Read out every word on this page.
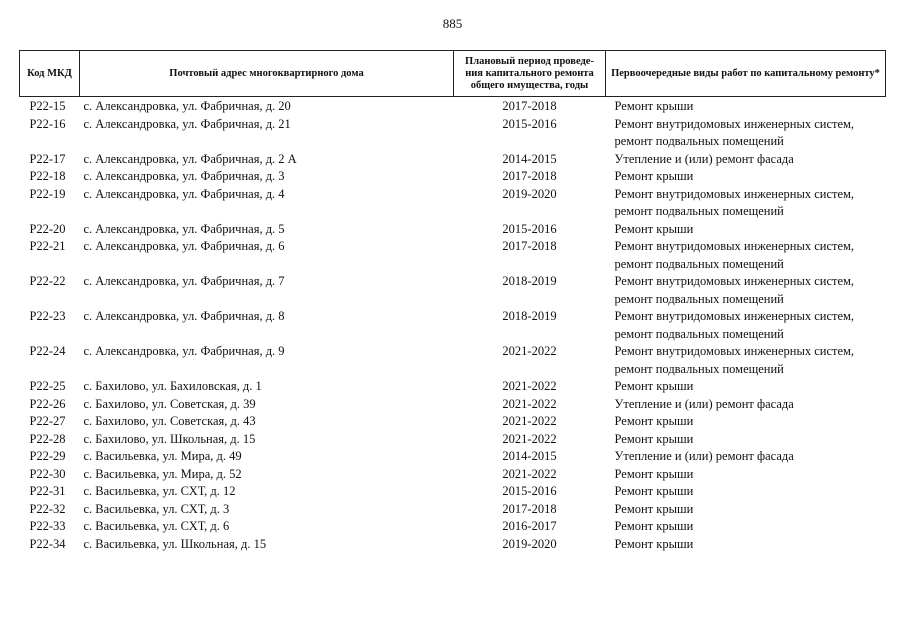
885
Код МКД	Почтовый адрес многоквартирного дома	Плановый период проведе-ния капитального ремонта общего имущества, годы	Первоочередные виды работ по капитальному ремонту*
Р22-15	с. Александровка, ул. Фабричная, д. 20	2017-2018	Ремонт крыши
Р22-16	с. Александровка, ул. Фабричная, д. 21	2015-2016	Ремонт внутридомовых инженерных систем, ремонт подвальных помещений
Р22-17	с. Александровка, ул. Фабричная, д. 2 А	2014-2015	Утепление и (или) ремонт фасада
Р22-18	с. Александровка, ул. Фабричная, д. 3	2017-2018	Ремонт крыши
Р22-19	с. Александровка, ул. Фабричная, д. 4	2019-2020	Ремонт внутридомовых инженерных систем, ремонт подвальных помещений
Р22-20	с. Александровка, ул. Фабричная, д. 5	2015-2016	Ремонт крыши
Р22-21	с. Александровка, ул. Фабричная, д. 6	2017-2018	Ремонт внутридомовых инженерных систем, ремонт подвальных помещений
Р22-22	с. Александровка, ул. Фабричная, д. 7	2018-2019	Ремонт внутридомовых инженерных систем, ремонт подвальных помещений
Р22-23	с. Александровка, ул. Фабричная, д. 8	2018-2019	Ремонт внутридомовых инженерных систем, ремонт подвальных помещений
Р22-24	с. Александровка, ул. Фабричная, д. 9	2021-2022	Ремонт внутридомовых инженерных систем, ремонт подвальных помещений
Р22-25	с. Бахилово, ул. Бахиловская, д. 1	2021-2022	Ремонт крыши
Р22-26	с. Бахилово, ул. Советская, д. 39	2021-2022	Утепление и (или) ремонт фасада
Р22-27	с. Бахилово, ул. Советская, д. 43	2021-2022	Ремонт крыши
Р22-28	с. Бахилово, ул. Школьная, д. 15	2021-2022	Ремонт крыши
Р22-29	с. Васильевка, ул. Мира, д. 49	2014-2015	Утепление и (или) ремонт фасада
Р22-30	с. Васильевка, ул. Мира, д. 52	2021-2022	Ремонт крыши
Р22-31	с. Васильевка, ул. СХТ, д. 12	2015-2016	Ремонт крыши
Р22-32	с. Васильевка, ул. СХТ, д. 3	2017-2018	Ремонт крыши
Р22-33	с. Васильевка, ул. СХТ, д. 6	2016-2017	Ремонт крыши
Р22-34	с. Васильевка, ул. Школьная, д. 15	2019-2020	Ремонт крыши
